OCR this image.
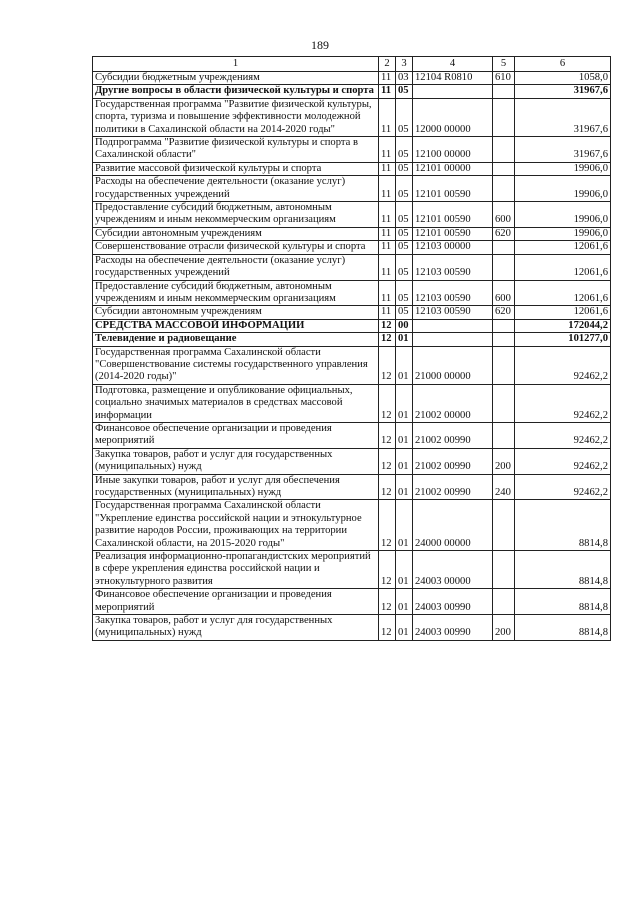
189
1	2	3	4	5	6
Субсидии бюджетным учреждениям	11	03	12104 R0810	610	1058,0
Другие вопросы в области физической культуры и спорта	11	05			31967,6
Государственная программа "Развитие физической культуры, спорта, туризма и повышение эффективности молодежной политики в Сахалинской области на 2014-2020 годы"	11	05	12000 00000		31967,6
Подпрограмма "Развитие физической культуры и спорта в Сахалинской области"	11	05	12100 00000		31967,6
Развитие массовой физической культуры и спорта	11	05	12101 00000		19906,0
Расходы на обеспечение деятельности (оказание услуг) государственных учреждений	11	05	12101 00590		19906,0
Предоставление субсидий бюджетным, автономным учреждениям и иным некоммерческим организациям	11	05	12101 00590	600	19906,0
Субсидии автономным учреждениям	11	05	12101 00590	620	19906,0
Совершенствование отрасли физической культуры и спорта	11	05	12103 00000		12061,6
Расходы на обеспечение деятельности (оказание услуг) государственных учреждений	11	05	12103 00590		12061,6
Предоставление субсидий бюджетным, автономным учреждениям и иным некоммерческим организациям	11	05	12103 00590	600	12061,6
Субсидии автономным учреждениям	11	05	12103 00590	620	12061,6
СРЕДСТВА МАССОВОЙ ИНФОРМАЦИИ	12	00			172044,2
Телевидение и радиовещание	12	01			101277,0
Государственная программа Сахалинской области "Совершенствование системы государственного управления (2014-2020 годы)"	12	01	21000 00000		92462,2
Подготовка, размещение и опубликование официальных, социально значимых материалов в средствах массовой информации	12	01	21002 00000		92462,2
Финансовое обеспечение организации и проведения мероприятий	12	01	21002 00990		92462,2
Закупка товаров, работ и услуг для государственных (муниципальных) нужд	12	01	21002 00990	200	92462,2
Иные закупки товаров, работ и услуг для обеспечения государственных (муниципальных) нужд	12	01	21002 00990	240	92462,2
Государственная программа Сахалинской области "Укрепление единства российской нации и этнокультурное развитие народов России, проживающих на территории Сахалинской области, на 2015-2020 годы"	12	01	24000 00000		8814,8
Реализация информационно-пропагандистских мероприятий в сфере укрепления единства российской нации и этнокультурного развития	12	01	24003 00000		8814,8
Финансовое обеспечение организации и проведения мероприятий	12	01	24003 00990		8814,8
Закупка товаров, работ и услуг для государственных (муниципальных) нужд	12	01	24003 00990	200	8814,8
